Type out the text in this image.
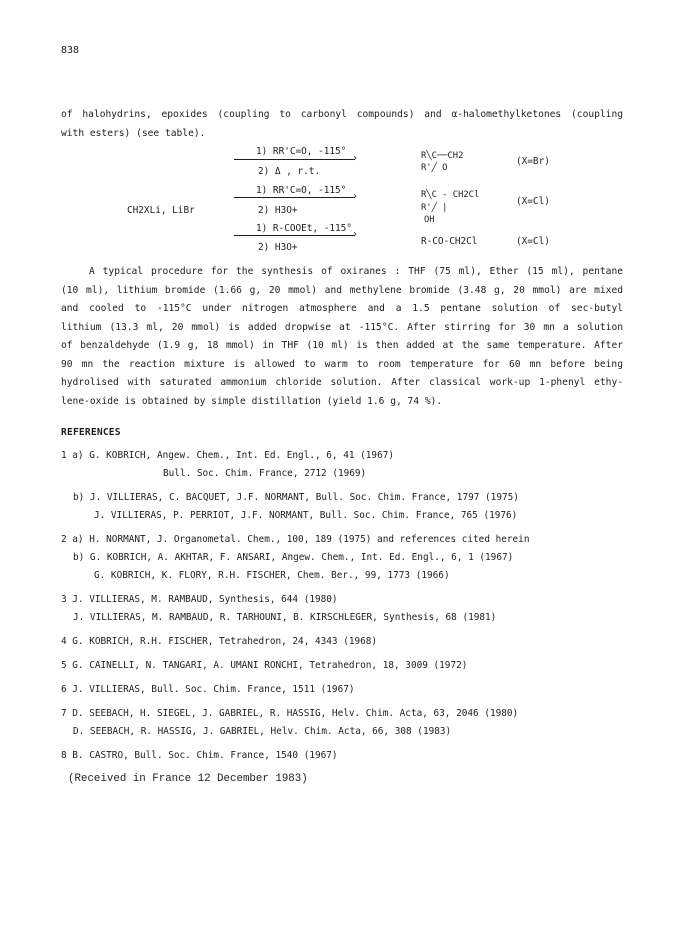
838
of halohydrins, epoxides (coupling to carbonyl compounds) and α-halomethylketones (coupling
with esters) (see table).
CH2XLi, LiBr
1) RR'C=O, -115°
›
2) Δ , r.t.
R╲C──CH2
R'╱ O
(X=Br)
1) RR'C=O, -115°
›
2) H3O+
R╲C - CH2Cl
R'╱ |
OH
(X=Cl)
1) R-COOEt, -115°
›
2) H3O+
R-CO-CH2Cl	(X=Cl)
A typical procedure for the synthesis of oxiranes : THF (75 ml), Ether (15 ml), pentane
(10 ml), lithium bromide (1.66 g, 20 mmol) and methylene bromide (3.48 g, 20 mmol) are mixed
and cooled to -115°C under nitrogen atmosphere and a 1.5 pentane solution of sec-butyl
lithium (13.3 ml, 20 mmol) is added dropwise at -115°C. After stirring for 30 mn a solution
of benzaldehyde (1.9 g, 18 mmol) in THF (10 ml) is then added at the same temperature. After
90 mn the reaction mixture is allowed to warm to room temperature for 60 mn before being
hydrolised with saturated ammonium chloride solution. After classical work-up 1-phenyl ethy-
lene-oxide is obtained by simple distillation (yield 1.6 g, 74 %).
REFERENCES
1 a) G. KOBRICH, Angew. Chem., Int. Ed. Engl., 6, 41 (1967)
Bull. Soc. Chim. France, 2712 (1969)
b) J. VILLIERAS, C. BACQUET, J.F. NORMANT, Bull. Soc. Chim. France, 1797 (1975)
J. VILLIERAS, P. PERRIOT, J.F. NORMANT, Bull. Soc. Chim. France, 765 (1976)
2 a) H. NORMANT, J. Organometal. Chem., 100, 189 (1975) and references cited herein
b) G. KOBRICH, A. AKHTAR, F. ANSARI, Angew. Chem., Int. Ed. Engl., 6, 1 (1967)
G. KOBRICH, K. FLORY, R.H. FISCHER, Chem. Ber., 99, 1773 (1966)
3 J. VILLIERAS, M. RAMBAUD, Synthesis, 644 (1980)
J. VILLIERAS, M. RAMBAUD, R. TARHOUNI, B. KIRSCHLEGER, Synthesis, 68 (1981)
4 G. KOBRICH, R.H. FISCHER, Tetrahedron, 24, 4343 (1968)
5 G. CAINELLI, N. TANGARI, A. UMANI RONCHI, Tetrahedron, 18, 3009 (1972)
6 J. VILLIERAS, Bull. Soc. Chim. France, 1511 (1967)
7 D. SEEBACH, H. SIEGEL, J. GABRIEL, R. HASSIG, Helv. Chim. Acta, 63, 2046 (1980)
D. SEEBACH, R. HASSIG, J. GABRIEL, Helv. Chim. Acta, 66, 308 (1983)
8 B. CASTRO, Bull. Soc. Chim. France, 1540 (1967)
(Received in France 12 December 1983)
